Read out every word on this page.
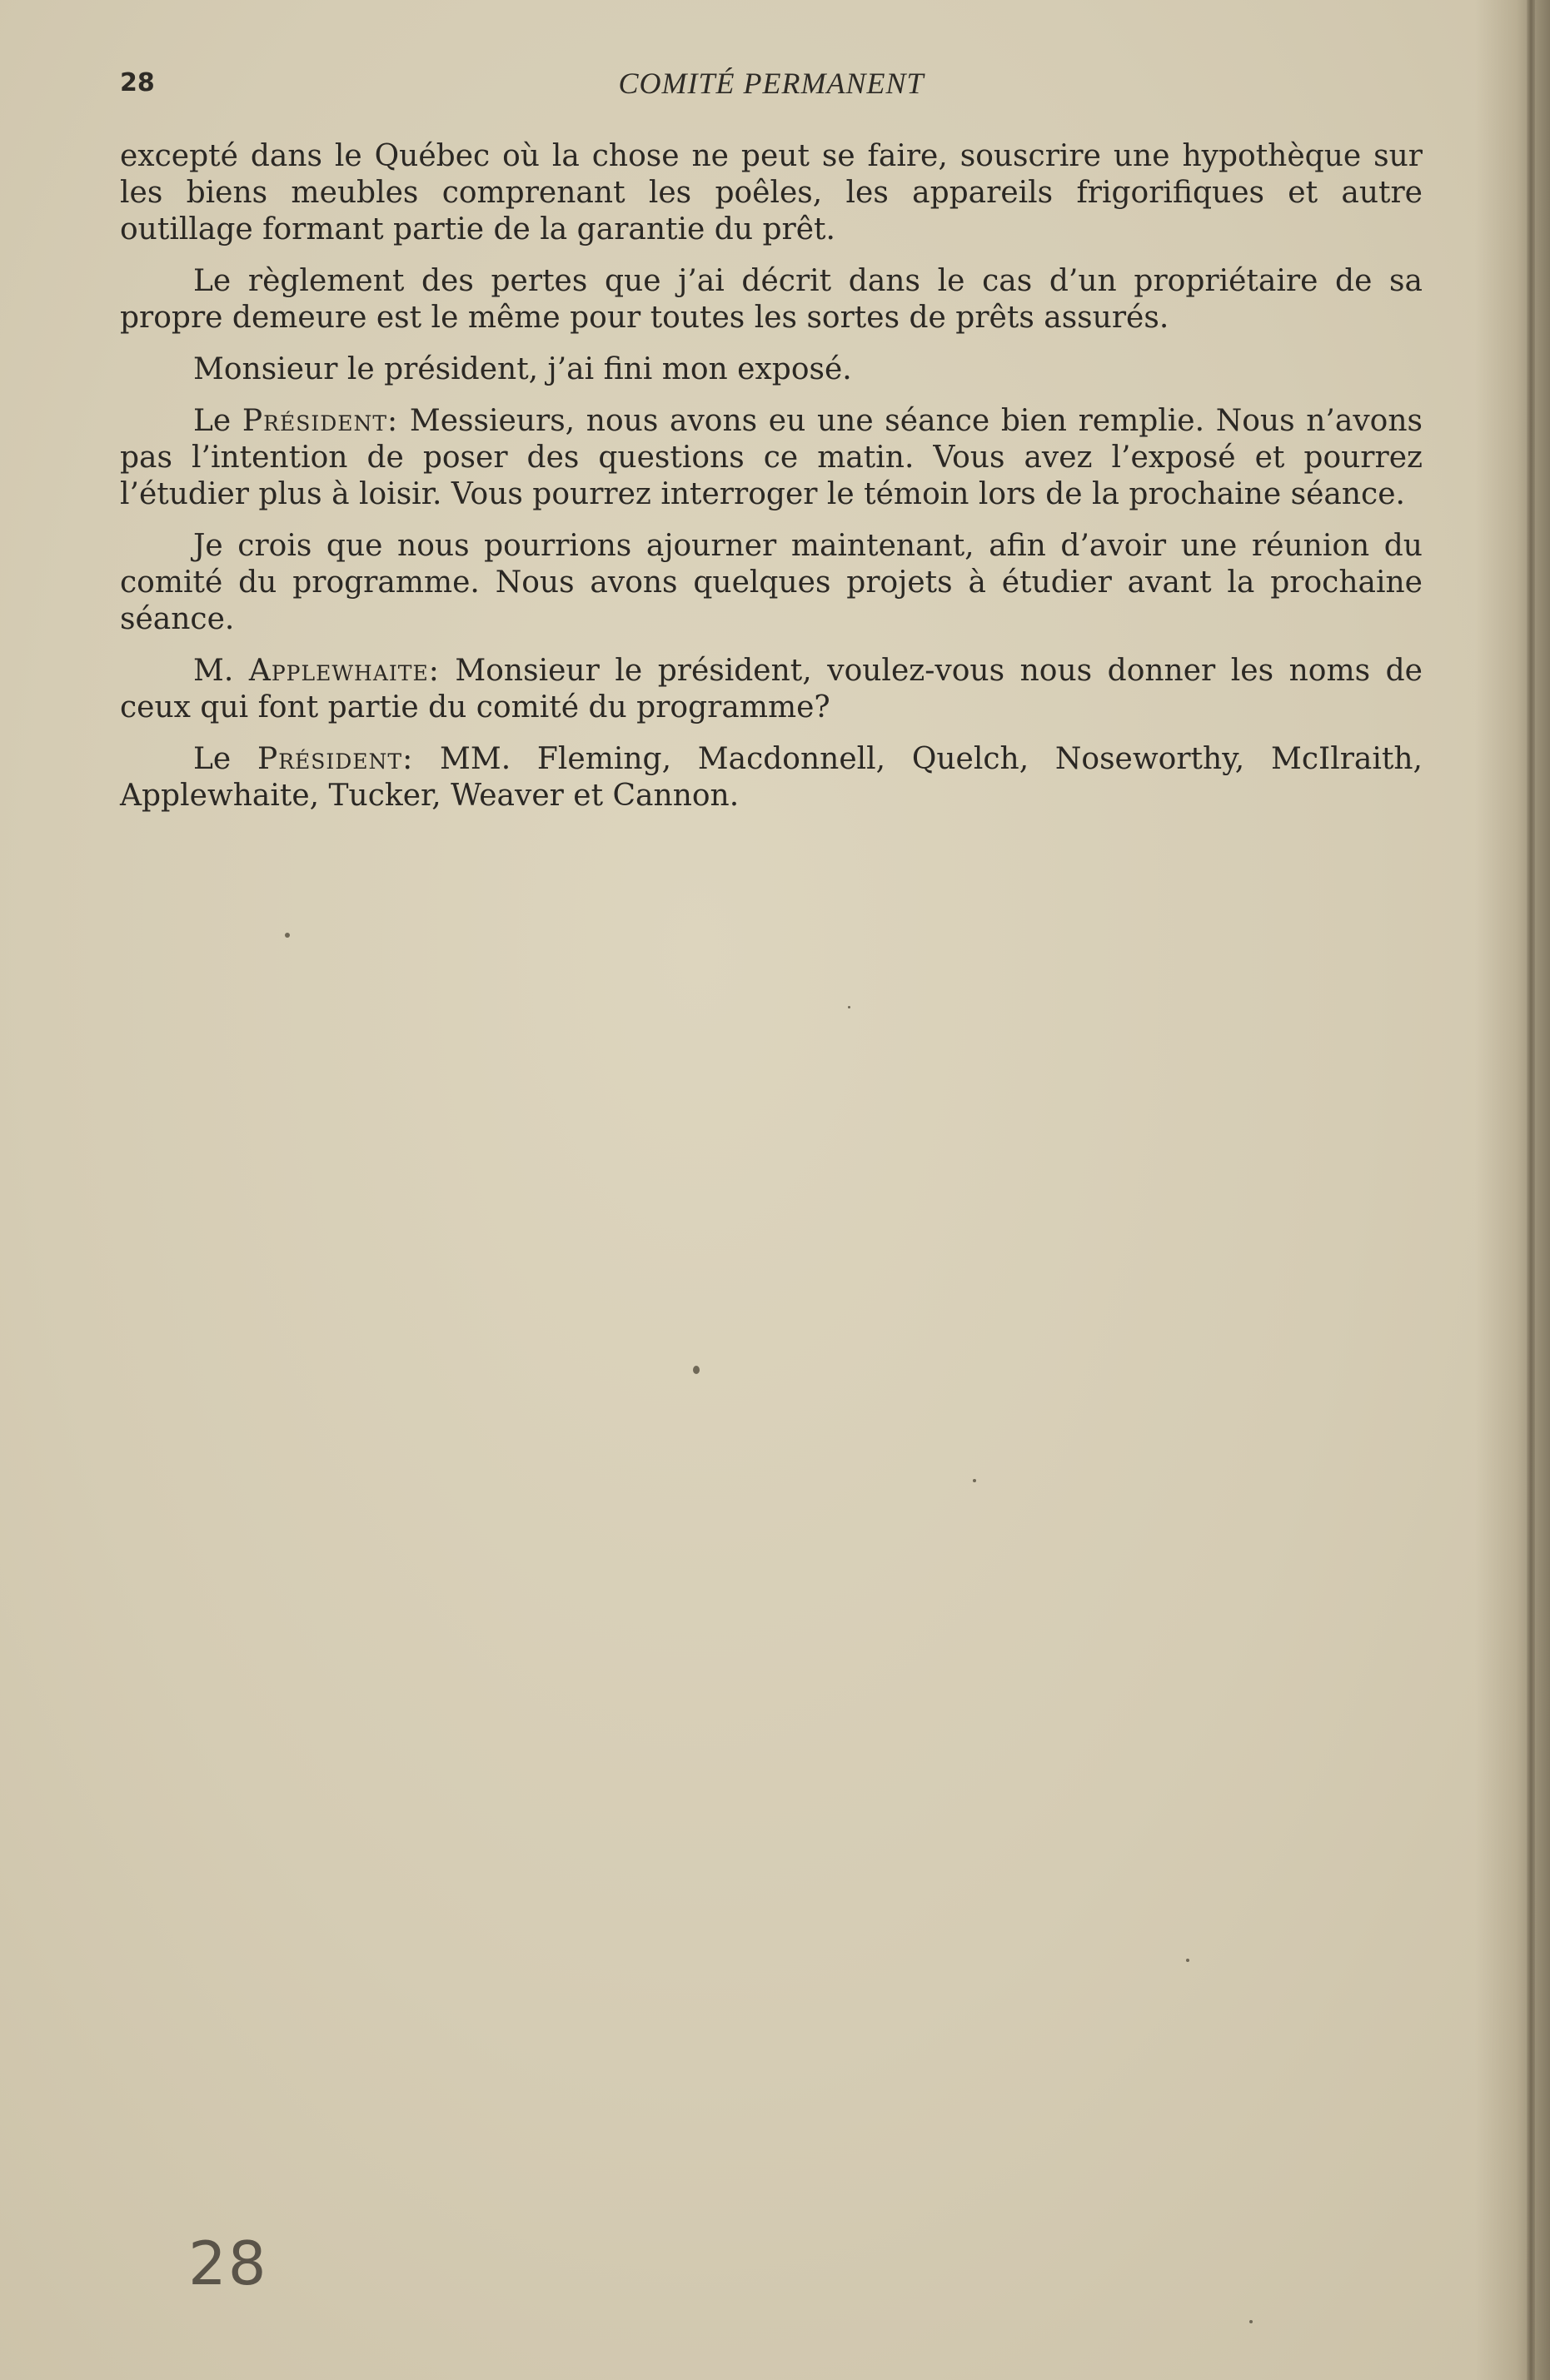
28	COMITÉ PERMANENT

excepté dans le Québec où la chose ne peut se faire, souscrire une hypothèque sur les biens meubles comprenant les poêles, les appareils frigorifiques et autre outillage formant partie de la garantie du prêt.

Le règlement des pertes que j’ai décrit dans le cas d’un propriétaire de sa propre demeure est le même pour toutes les sortes de prêts assurés.

Monsieur le président, j’ai fini mon exposé.

Le Président: Messieurs, nous avons eu une séance bien remplie. Nous n’avons pas l’intention de poser des questions ce matin. Vous avez l’exposé et pourrez l’étudier plus à loisir. Vous pourrez interroger le témoin lors de la prochaine séance.

Je crois que nous pourrions ajourner maintenant, afin d’avoir une réunion du comité du programme. Nous avons quelques projets à étudier avant la prochaine séance.

M. Applewhaite: Monsieur le président, voulez-vous nous donner les noms de ceux qui font partie du comité du programme?

Le Président: MM. Fleming, Macdonnell, Quelch, Noseworthy, McIlraith, Applewhaite, Tucker, Weaver et Cannon.

28
